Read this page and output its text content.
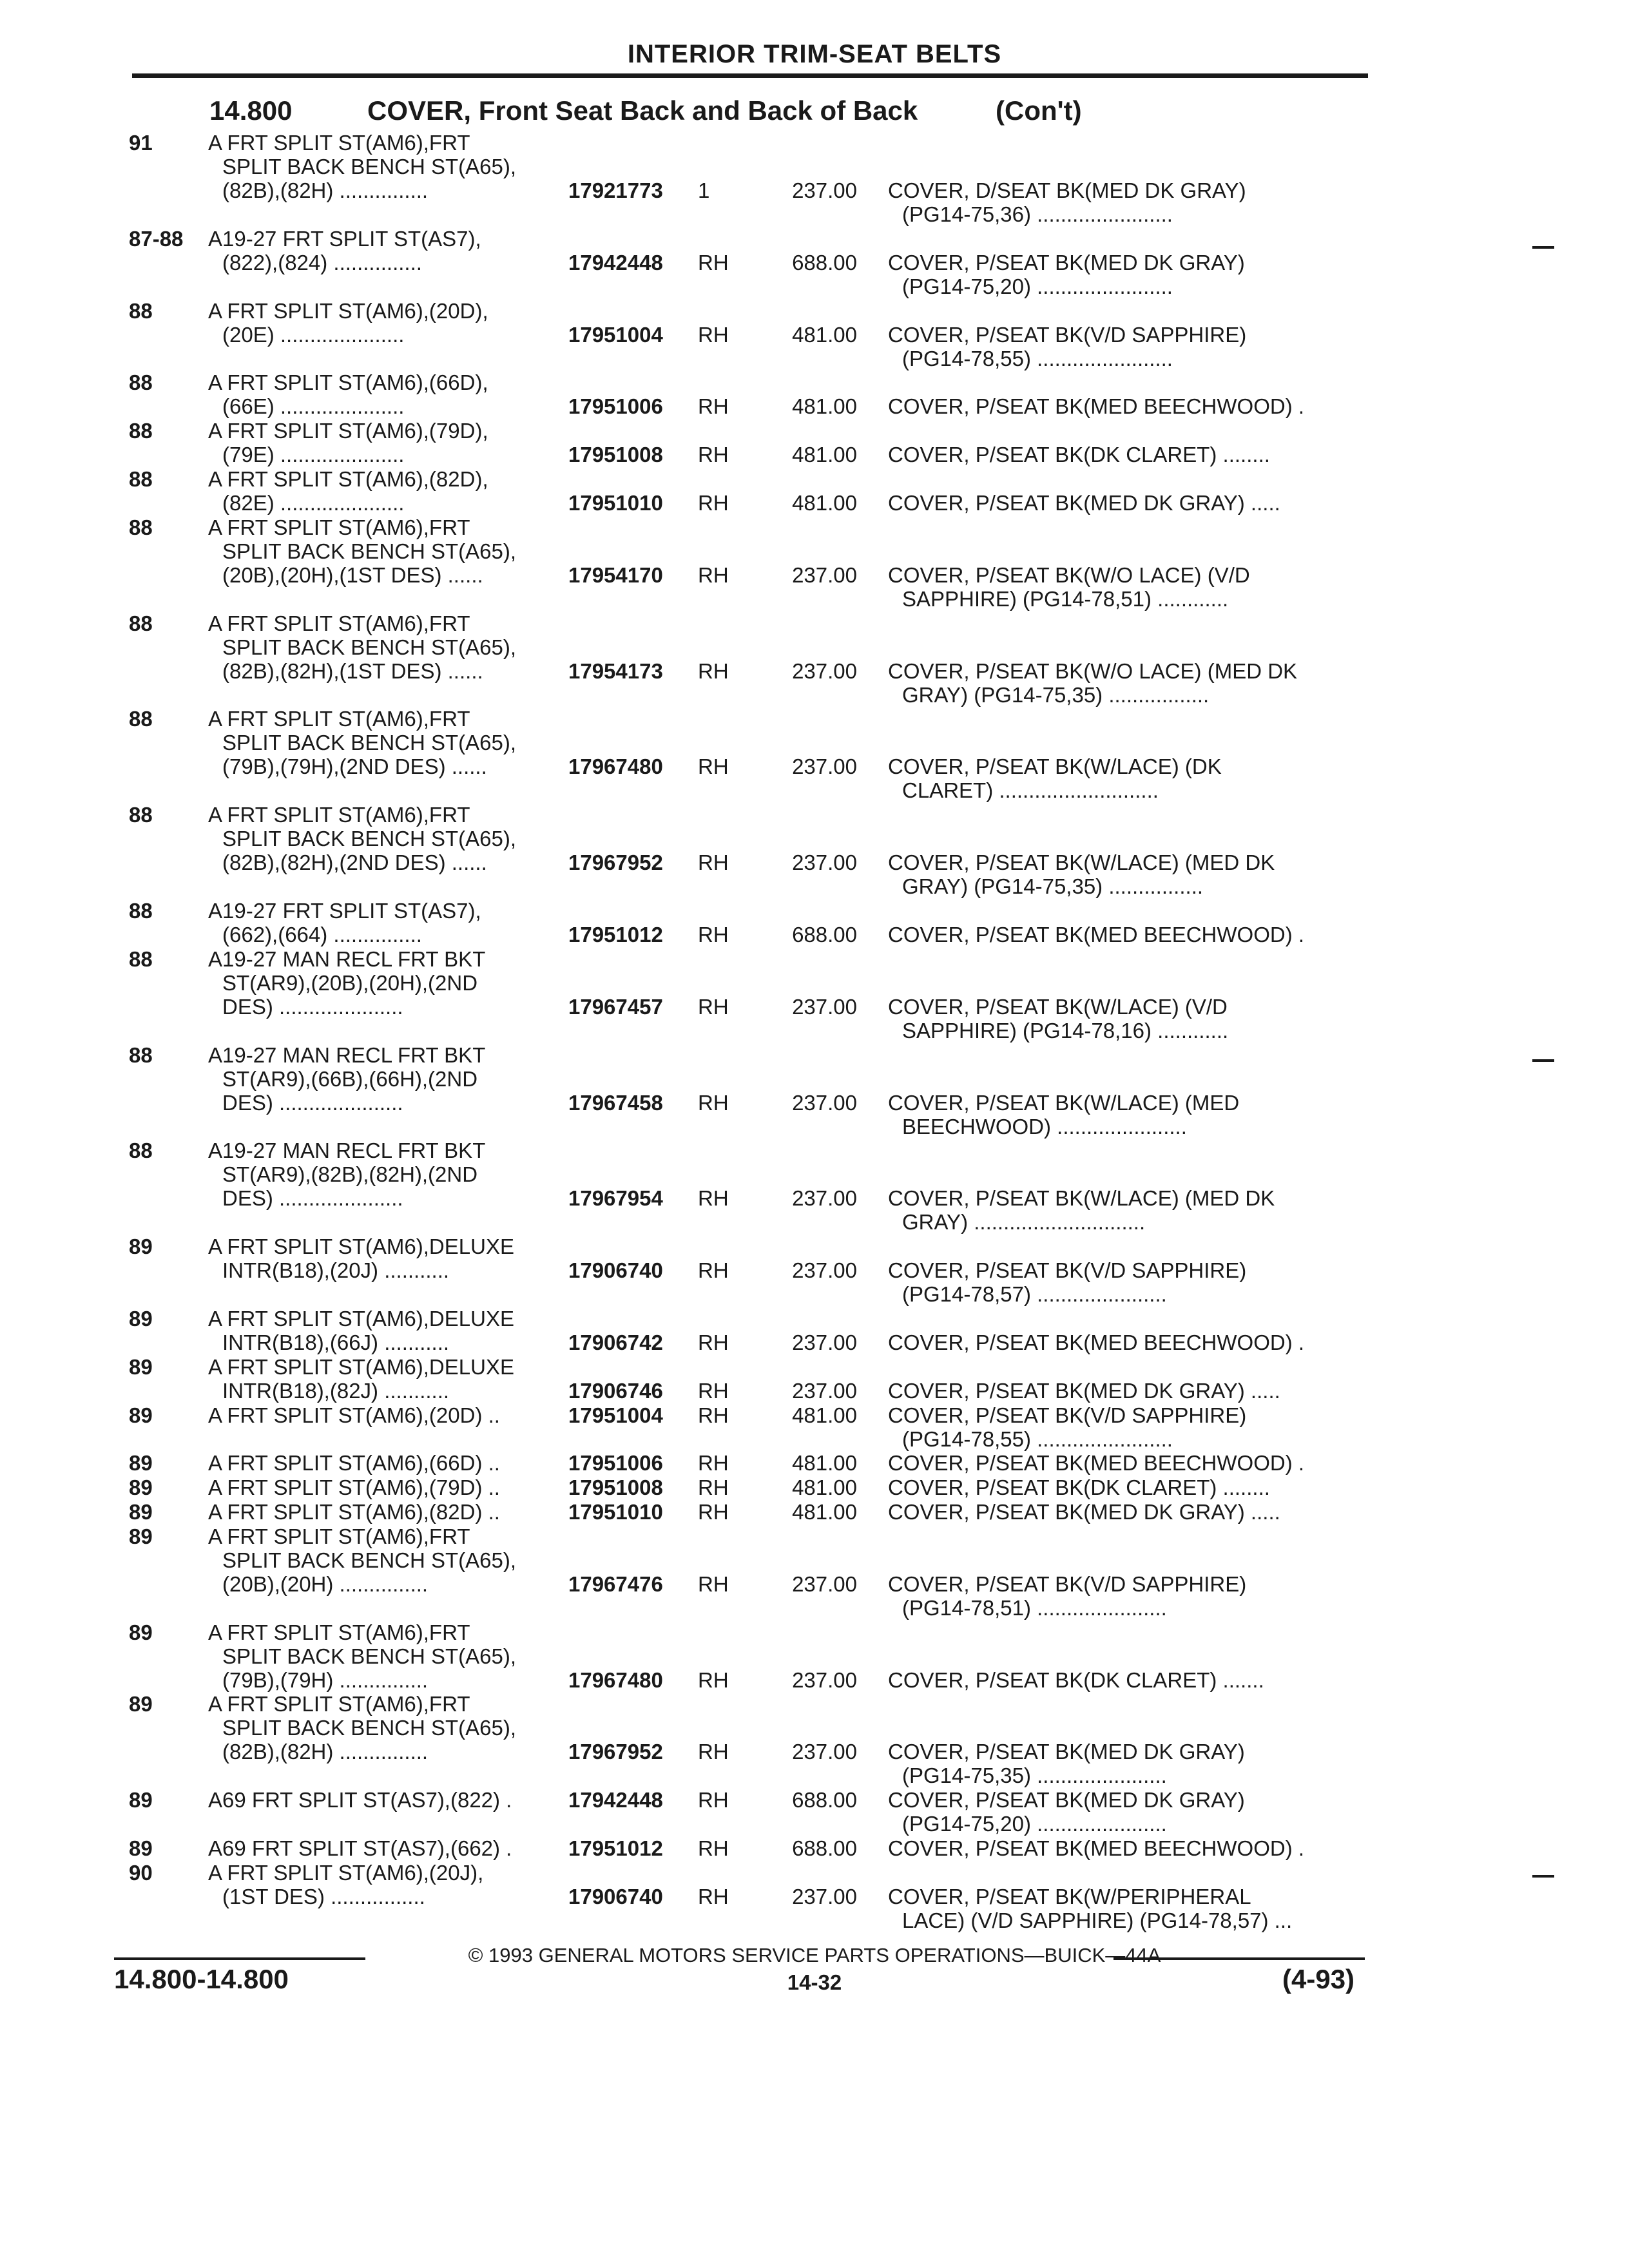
INTERIOR TRIM-SEAT BELTS
14.800	COVER, Front Seat Back and Back of Back	(Con't)
91	A FRT SPLIT ST(AM6),FRT
SPLIT BACK BENCH ST(A65),
(82B),(82H) ...............	17921773 1	237.00 COVER, D/SEAT BK(MED DK GRAY)
(PG14-75,36) .......................
87-88 A19-27 FRT SPLIT ST(AS7),
(822),(824) ...............	17942448 RH	688.00 COVER, P/SEAT BK(MED DK GRAY)
(PG14-75,20) .......................
88	A FRT SPLIT ST(AM6),(20D),
(20E) .....................	17951004 RH	481.00 COVER, P/SEAT BK(V/D SAPPHIRE)
(PG14-78,55) .......................
88	A FRT SPLIT ST(AM6),(66D),
(66E) .....................	17951006 RH	481.00 COVER, P/SEAT BK(MED BEECHWOOD) .
88	A FRT SPLIT ST(AM6),(79D),
(79E) .....................	17951008 RH	481.00 COVER, P/SEAT BK(DK CLARET) ........
88	A FRT SPLIT ST(AM6),(82D),
(82E) .....................	17951010 RH	481.00 COVER, P/SEAT BK(MED DK GRAY) .....
88	A FRT SPLIT ST(AM6),FRT
SPLIT BACK BENCH ST(A65),
(20B),(20H),(1ST DES) ......	17954170 RH	237.00 COVER, P/SEAT BK(W/O LACE) (V/D
SAPPHIRE) (PG14-78,51) ............
88	A FRT SPLIT ST(AM6),FRT
SPLIT BACK BENCH ST(A65),
(82B),(82H),(1ST DES) ......	17954173 RH	237.00 COVER, P/SEAT BK(W/O LACE) (MED DK
GRAY) (PG14-75,35) .................
88	A FRT SPLIT ST(AM6),FRT
SPLIT BACK BENCH ST(A65),
(79B),(79H),(2ND DES) ......	17967480 RH	237.00 COVER, P/SEAT BK(W/LACE) (DK
CLARET) ...........................
88	A FRT SPLIT ST(AM6),FRT
SPLIT BACK BENCH ST(A65),
(82B),(82H),(2ND DES) ......	17967952 RH	237.00 COVER, P/SEAT BK(W/LACE) (MED DK
GRAY) (PG14-75,35) ................
88	A19-27 FRT SPLIT ST(AS7),
(662),(664) ...............	17951012 RH	688.00 COVER, P/SEAT BK(MED BEECHWOOD) .
88	A19-27 MAN RECL FRT BKT
ST(AR9),(20B),(20H),(2ND
DES) .....................	17967457 RH	237.00 COVER, P/SEAT BK(W/LACE) (V/D
SAPPHIRE) (PG14-78,16) ............
88	A19-27 MAN RECL FRT BKT
ST(AR9),(66B),(66H),(2ND
DES) .....................	17967458 RH	237.00 COVER, P/SEAT BK(W/LACE) (MED
BEECHWOOD) ......................
88	A19-27 MAN RECL FRT BKT
ST(AR9),(82B),(82H),(2ND
DES) .....................	17967954 RH	237.00 COVER, P/SEAT BK(W/LACE) (MED DK
GRAY) .............................
89	A FRT SPLIT ST(AM6),DELUXE
INTR(B18),(20J) ...........	17906740 RH	237.00 COVER, P/SEAT BK(V/D SAPPHIRE)
(PG14-78,57) ......................
89	A FRT SPLIT ST(AM6),DELUXE
INTR(B18),(66J) ...........	17906742 RH	237.00 COVER, P/SEAT BK(MED BEECHWOOD) .
89	A FRT SPLIT ST(AM6),DELUXE
INTR(B18),(82J) ...........	17906746 RH	237.00 COVER, P/SEAT BK(MED DK GRAY) .....
89	A FRT SPLIT ST(AM6),(20D) ..	17951004 RH	481.00 COVER, P/SEAT BK(V/D SAPPHIRE)
(PG14-78,55) .......................
89	A FRT SPLIT ST(AM6),(66D) ..	17951006 RH	481.00 COVER, P/SEAT BK(MED BEECHWOOD) .
89	A FRT SPLIT ST(AM6),(79D) ..	17951008 RH	481.00 COVER, P/SEAT BK(DK CLARET) ........
89	A FRT SPLIT ST(AM6),(82D) ..	17951010 RH	481.00 COVER, P/SEAT BK(MED DK GRAY) .....
89	A FRT SPLIT ST(AM6),FRT
SPLIT BACK BENCH ST(A65),
(20B),(20H) ...............	17967476 RH	237.00 COVER, P/SEAT BK(V/D SAPPHIRE)
(PG14-78,51) ......................
89	A FRT SPLIT ST(AM6),FRT
SPLIT BACK BENCH ST(A65),
(79B),(79H) ...............	17967480 RH	237.00 COVER, P/SEAT BK(DK CLARET) .......
89	A FRT SPLIT ST(AM6),FRT
SPLIT BACK BENCH ST(A65),
(82B),(82H) ...............	17967952 RH	237.00 COVER, P/SEAT BK(MED DK GRAY)
(PG14-75,35) ......................
89	A69 FRT SPLIT ST(AS7),(822) .	17942448 RH	688.00 COVER, P/SEAT BK(MED DK GRAY)
(PG14-75,20) ......................
89	A69 FRT SPLIT ST(AS7),(662) .	17951012 RH	688.00 COVER, P/SEAT BK(MED BEECHWOOD) .
90	A FRT SPLIT ST(AM6),(20J),
(1ST DES) ................	17906740 RH	237.00 COVER, P/SEAT BK(W/PERIPHERAL
LACE) (V/D SAPPHIRE) (PG14-78,57) ...
© 1993 GENERAL MOTORS SERVICE PARTS OPERATIONS—BUICK—44A
14.800-14.800	14-32	(4-93)
